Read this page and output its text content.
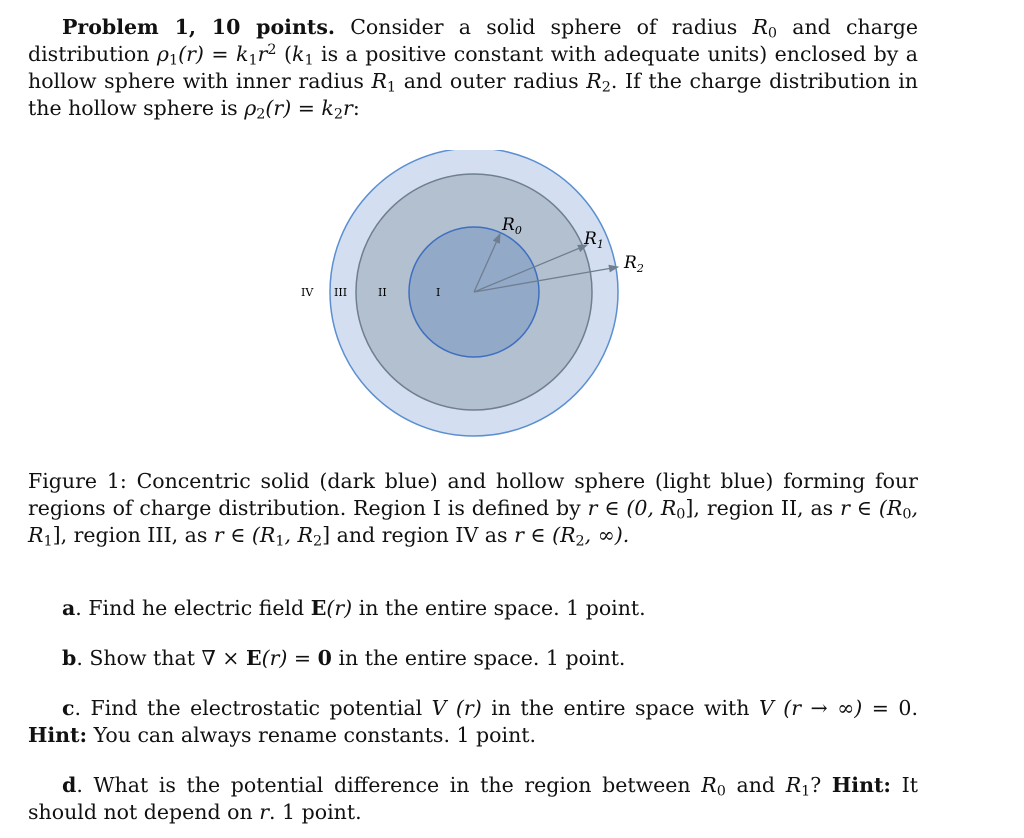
Problem 1, 10 points. Consider a solid sphere of radius $R_0$ and charge distribution $\rho_1(r) = k_1r^2$ ($k_1$ is a positive constant with adequate units) enclosed by a hollow sphere with inner radius $R_1$ and outer radius $R_2$. If the charge distribution in the hollow sphere is $\rho_2(r) = k_2r$:
$R_0$	$R_1$
$R_2$
IV III	II	I
Figure 1: Concentric solid (dark blue) and hollow sphere (light blue) forming four regions of charge distribution. Region I is defined by r ∈ (0, $R_0$], region II, as r ∈ ($R_0$, $R_1$], region III, as r ∈ ($R_1$, $R_2$] and region IV as r ∈ ($R_2$, ∞).
a. Find he electric field E(r) in the entire space. 1 point.
b. Show that ∇ × E(r) = 0 in the entire space. 1 point.
c. Find the electrostatic potential V (r) in the entire space with V (r → ∞) = 0. Hint: You can always rename constants. 1 point.
d. What is the potential difference in the region between $R_0$ and $R_1$? Hint: It should not depend on r. 1 point.
